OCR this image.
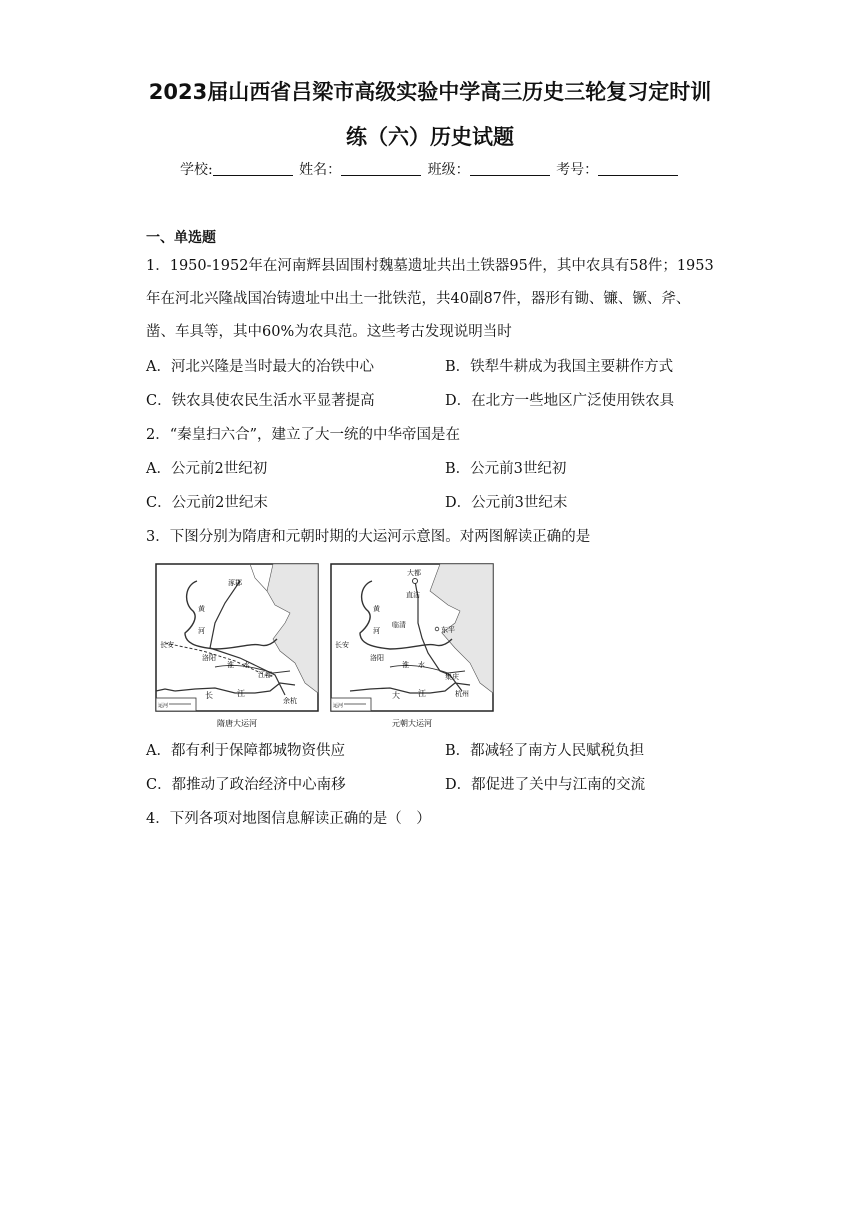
2023届山西省吕梁市高级实验中学高三历史三轮复习定时训
练（六）历史试题
学校:	姓名：	班级：	考号：
一、单选题
1．1950-1952年在河南辉县固围村魏墓遗址共出土铁器95件，其中农具有58件；1953
年在河北兴隆战国冶铸遗址中出土一批铁范，共40副87件，器形有锄、镰、镢、斧、
凿、车具等，其中60%为农具范。这些考古发现说明当时
A．河北兴隆是当时最大的冶铁中心	B．铁犁牛耕成为我国主要耕作方式
C．铁农具使农民生活水平显著提高	D．在北方一些地区广泛使用铁农具
2．“秦皇扫六合”，建立了大一统的中华帝国是在
A．公元前2世纪初	B．公元前3世纪初
C．公元前2世纪末	D．公元前3世纪末
3．下图分别为隋唐和元朝时期的大运河示意图。对两图解读正确的是
运河
涿郡
黄
河
长安
洛阳
淮 水
江都
长	江
余杭
隋唐大运河
运河
大都
直沽
黄
河
临清
东平
长安
洛阳
淮 水
集庆
大 江	杭州
元朝大运河
A．都有利于保障都城物资供应	B．都减轻了南方人民赋税负担
C．都推动了政治经济中心南移	D．都促进了关中与江南的交流
4．下列各项对地图信息解读正确的是（　）
